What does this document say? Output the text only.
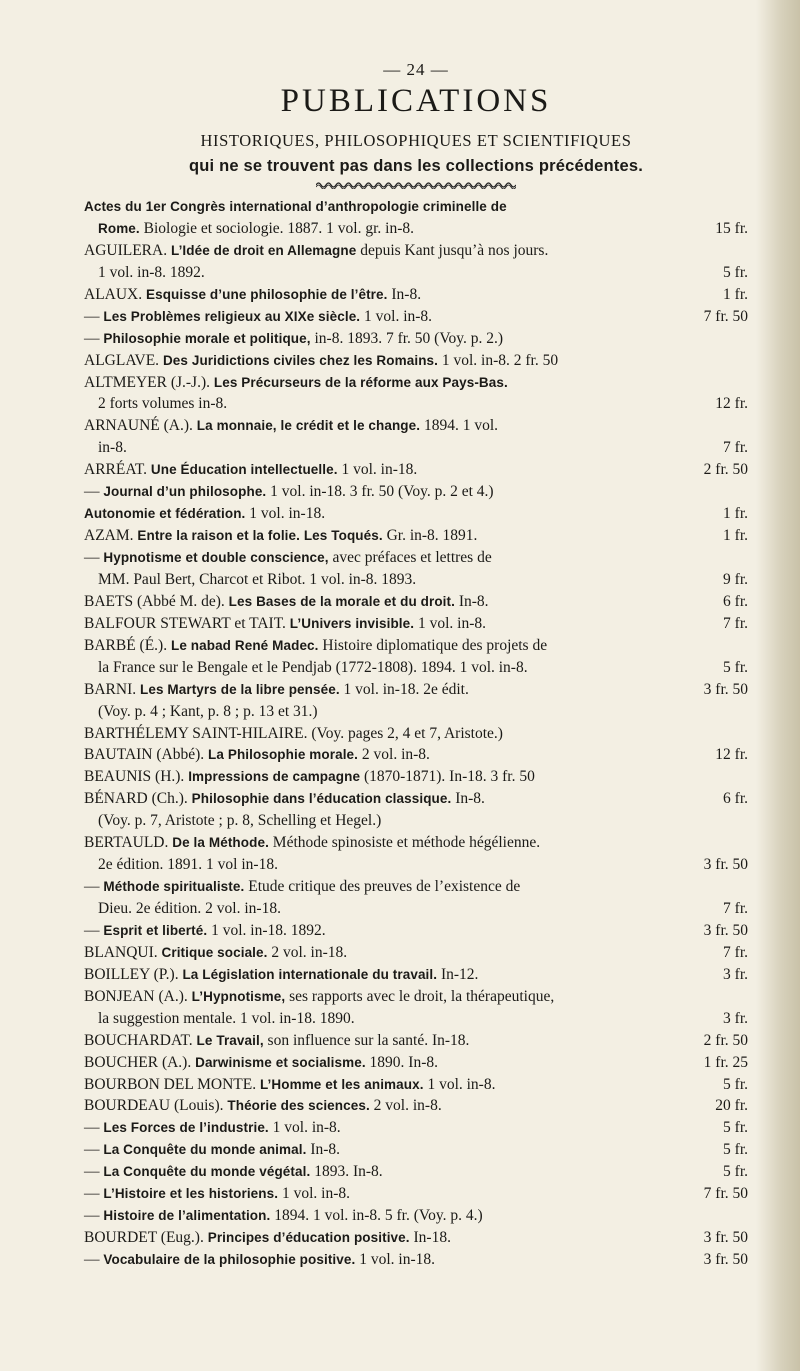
— 24 —
PUBLICATIONS
HISTORIQUES, PHILOSOPHIQUES ET SCIENTIFIQUES
qui ne se trouvent pas dans les collections précédentes.
Actes du 1er Congrès international d’anthropologie criminelle de
Rome. Biologie et sociologie. 1887. 1 vol. gr. in-8.	15 fr.
AGUILERA. L’Idée de droit en Allemagne depuis Kant jusqu’à nos jours.
1 vol. in-8. 1892.	5 fr.
ALAUX. Esquisse d’une philosophie de l’être. In-8.	1 fr.
— Les Problèmes religieux au XIXe siècle. 1 vol. in-8.	7 fr. 50
— Philosophie morale et politique, in-8. 1893. 7 fr. 50 (Voy. p. 2.)
ALGLAVE. Des Juridictions civiles chez les Romains. 1 vol. in-8. 2 fr. 50
ALTMEYER (J.-J.). Les Précurseurs de la réforme aux Pays-Bas.
2 forts volumes in-8.	12 fr.
ARNAUNÉ (A.). La monnaie, le crédit et le change. 1894. 1 vol.
in-8.	7 fr.
ARRÉAT. Une Éducation intellectuelle. 1 vol. in-18.	2 fr. 50
— Journal d’un philosophe. 1 vol. in-18. 3 fr. 50 (Voy. p. 2 et 4.)
Autonomie et fédération. 1 vol. in-18.	1 fr.
AZAM. Entre la raison et la folie. Les Toqués. Gr. in-8. 1891.	1 fr.
— Hypnotisme et double conscience, avec préfaces et lettres de
MM. Paul Bert, Charcot et Ribot. 1 vol. in-8. 1893.	9 fr.
BAETS (Abbé M. de). Les Bases de la morale et du droit. In-8.	6 fr.
BALFOUR STEWART et TAIT. L’Univers invisible. 1 vol. in-8.	7 fr.
BARBÉ (É.). Le nabad René Madec. Histoire diplomatique des projets de
la France sur le Bengale et le Pendjab (1772-1808). 1894. 1 vol. in-8.	5 fr.
BARNI. Les Martyrs de la libre pensée. 1 vol. in-18. 2e édit.	3 fr. 50
(Voy. p. 4 ; Kant, p. 8 ; p. 13 et 31.)
BARTHÉLEMY SAINT-HILAIRE. (Voy. pages 2, 4 et 7, Aristote.)
BAUTAIN (Abbé). La Philosophie morale. 2 vol. in-8.	12 fr.
BEAUNIS (H.). Impressions de campagne (1870-1871). In-18. 3 fr. 50
BÉNARD (Ch.). Philosophie dans l’éducation classique. In-8.	6 fr.
(Voy. p. 7, Aristote ; p. 8, Schelling et Hegel.)
BERTAULD. De la Méthode. Méthode spinosiste et méthode hégélienne.
2e édition. 1891. 1 vol in-18.	3 fr. 50
— Méthode spiritualiste. Etude critique des preuves de l’existence de
Dieu. 2e édition. 2 vol. in-18.	7 fr.
— Esprit et liberté. 1 vol. in-18. 1892.	3 fr. 50
BLANQUI. Critique sociale. 2 vol. in-18.	7 fr.
BOILLEY (P.). La Législation internationale du travail. In-12.	3 fr.
BONJEAN (A.). L’Hypnotisme, ses rapports avec le droit, la thérapeutique,
la suggestion mentale. 1 vol. in-18. 1890.	3 fr.
BOUCHARDAT. Le Travail, son influence sur la santé. In-18.	2 fr. 50
BOUCHER (A.). Darwinisme et socialisme. 1890. In-8.	1 fr. 25
BOURBON DEL MONTE. L’Homme et les animaux. 1 vol. in-8.	5 fr.
BOURDEAU (Louis). Théorie des sciences. 2 vol. in-8.	20 fr.
— Les Forces de l’industrie. 1 vol. in-8.	5 fr.
— La Conquête du monde animal. In-8.	5 fr.
— La Conquête du monde végétal. 1893. In-8.	5 fr.
— L’Histoire et les historiens. 1 vol. in-8.	7 fr. 50
— Histoire de l’alimentation. 1894. 1 vol. in-8. 5 fr. (Voy. p. 4.)
BOURDET (Eug.). Principes d’éducation positive. In-18.	3 fr. 50
— Vocabulaire de la philosophie positive. 1 vol. in-18.	3 fr. 50
